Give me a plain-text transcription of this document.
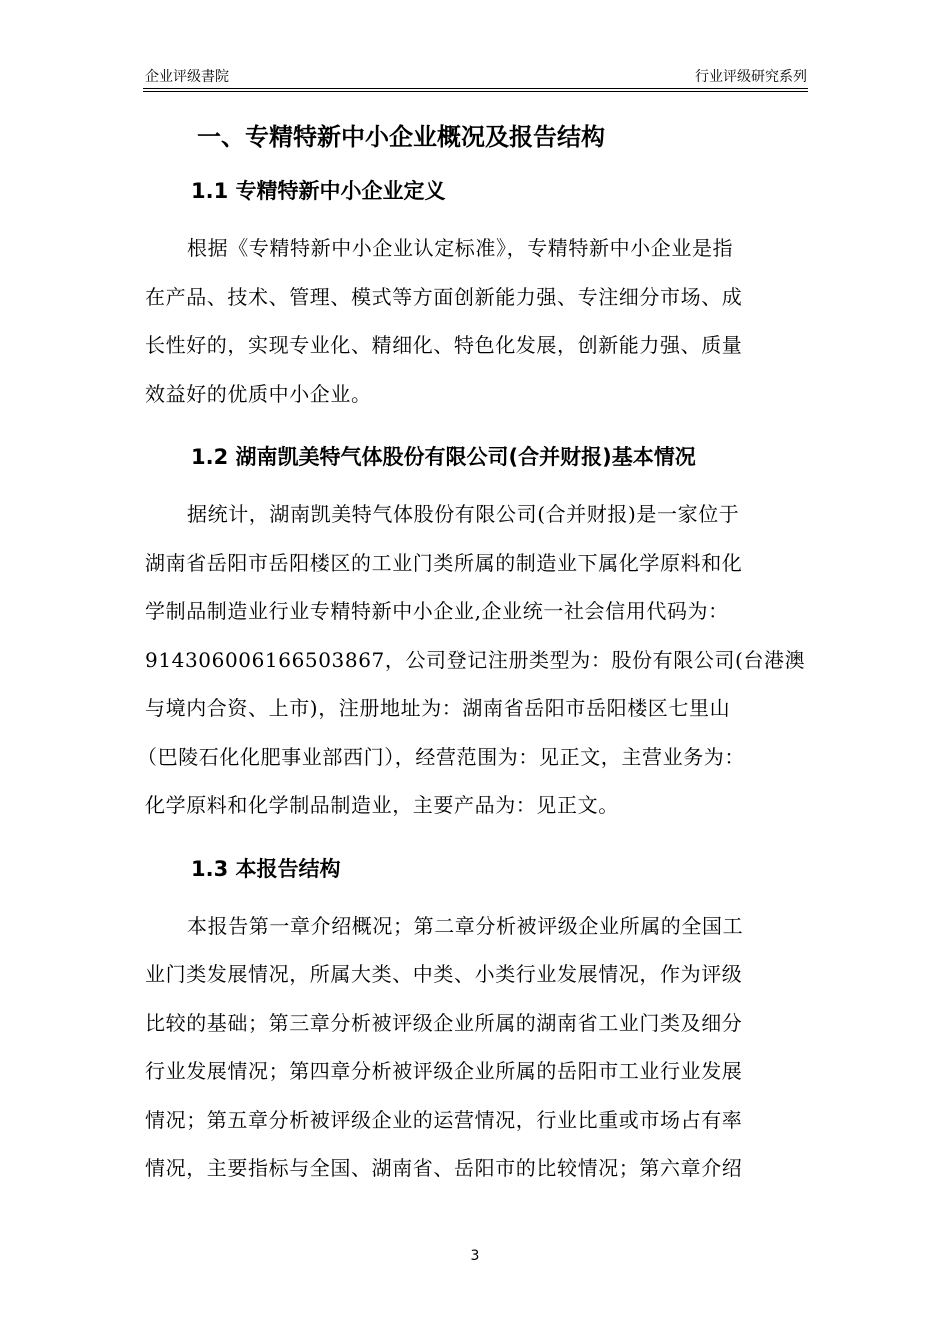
企业评级書院	行业评级研究系列
一、专精特新中小企业概况及报告结构
1.1 专精特新中小企业定义

根据《专精特新中小企业认定标准》，专精特新中小企业是指
在产品、技术、管理、模式等方面创新能力强、专注细分市场、成
长性好的，实现专业化、精细化、特色化发展，创新能力强、质量
效益好的优质中小企业。

1.2 湖南凯美特气体股份有限公司(合并财报)基本情况

据统计，湖南凯美特气体股份有限公司(合并财报)是一家位于
湖南省岳阳市岳阳楼区的工业门类所属的制造业下属化学原料和化
学制品制造业行业专精特新中小企业,企业统一社会信用代码为：
914306006166503867，公司登记注册类型为：股份有限公司(台港澳
与境内合资、上市)，注册地址为：湖南省岳阳市岳阳楼区七里山
（巴陵石化化肥事业部西门），经营范围为：见正文，主营业务为：
化学原料和化学制品制造业，主要产品为：见正文。

1.3 本报告结构

本报告第一章介绍概况；第二章分析被评级企业所属的全国工
业门类发展情况，所属大类、中类、小类行业发展情况，作为评级
比较的基础；第三章分析被评级企业所属的湖南省工业门类及细分
行业发展情况；第四章分析被评级企业所属的岳阳市工业行业发展
情况；第五章分析被评级企业的运营情况，行业比重或市场占有率
情况，主要指标与全国、湖南省、岳阳市的比较情况；第六章介绍

3
